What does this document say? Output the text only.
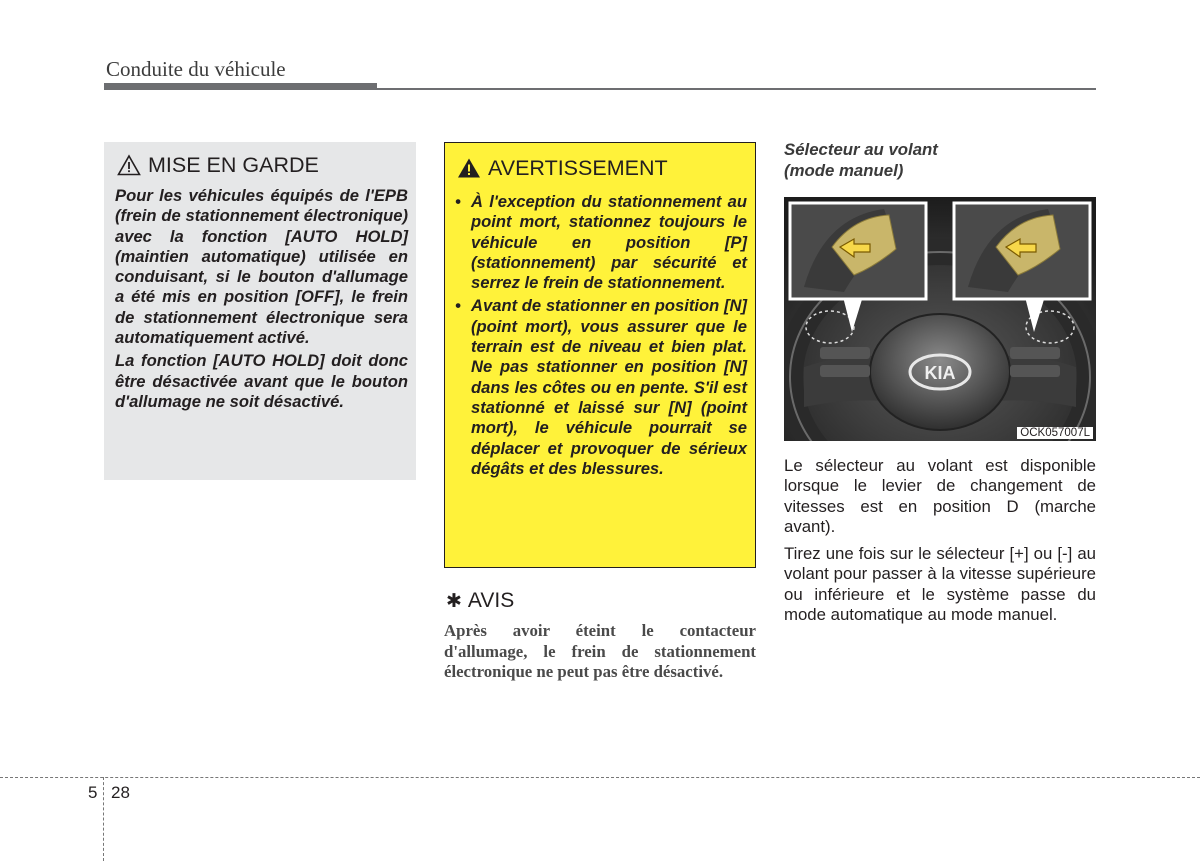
Conduite du véhicule
MISE EN GARDE

Pour les véhicules équipés de l'EPB (frein de stationnement électronique) avec la fonction [AUTO HOLD] (maintien automatique) utilisée en conduisant, si le bouton d'allumage a été mis en position [OFF], le frein de stationnement électronique sera automatiquement activé.

La fonction [AUTO HOLD] doit donc être désactivée avant que le bouton d'allumage ne soit désactivé.

AVERTISSEMENT
• À l'exception du stationnement au point mort, stationnez toujours le véhicule en position [P] (stationnement) par sécurité et serrez le frein de stationnement.
• Avant de stationner en position [N] (point mort), vous assurer que le terrain est de niveau et bien plat. Ne pas stationner en position [N] dans les côtes ou en pente. S'il est stationné et laissé sur [N] (point mort), le véhicule pourrait se déplacer et provoquer de sérieux dégâts et des blessures.
✱ AVIS
Après avoir éteint le contacteur d'allumage, le frein de stationnement électronique ne peut pas être désactivé.
Sélecteur au volant
(mode manuel)
KIA
OCK057007L

Le sélecteur au volant est disponible lorsque le levier de changement de vitesses est en position D (marche avant).

Tirez une fois sur le sélecteur [+] ou [-] au volant pour passer à la vitesse supérieure ou inférieure et le système passe du mode automatique au mode manuel.

5 28
